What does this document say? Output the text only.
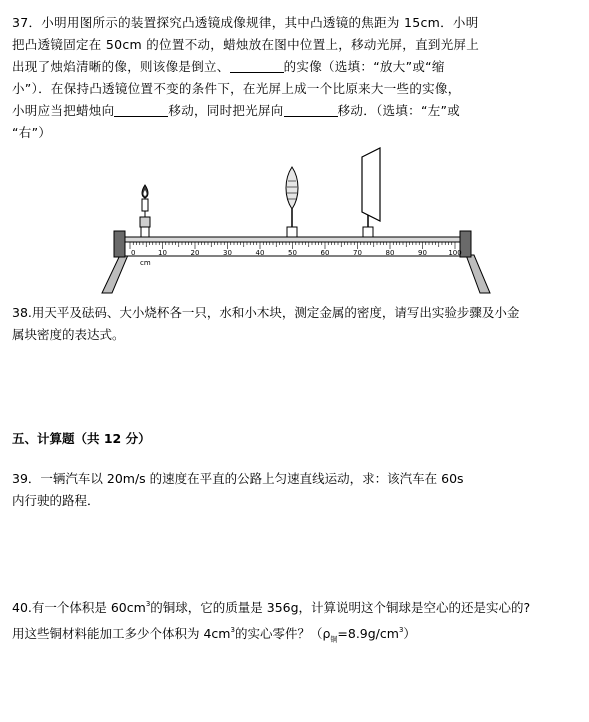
37．小明用图所示的装置探究凸透镜成像规律，其中凸透镜的焦距为 15cm．小明
把凸透镜固定在 50cm 的位置不动，蜡烛放在图中位置上，移动光屏，直到光屏上
出现了烛焰清晰的像，则该像是倒立、	的实像（选填：“放大”或“缩
小”）．在保持凸透镜位置不变的条件下，在光屏上成一个比原来大一些的实像，
小明应当把蜡烛向	移动，同时把光屏向	移动．（选填：“左”或
“右”）
0	10	20	30	40	50	60	70	80	90	100
cm
38.用天平及砝码、大小烧杯各一只，水和小木块，测定金属的密度，请写出实验步骤及小金
属块密度的表达式。
五、计算题（共 12 分）
39．一辆汽车以 20m/s 的速度在平直的公路上匀速直线运动，求：该汽车在 60s
内行驶的路程．
40.有一个体积是 $60cm^3$的铜球，它的质量是 356g，计算说明这个铜球是空心的还是实心的?
用这些铜材料能加工多少个体积为 $4cm^3$的实心零件？$(\rho_铜=8.9g/cm^3)$
